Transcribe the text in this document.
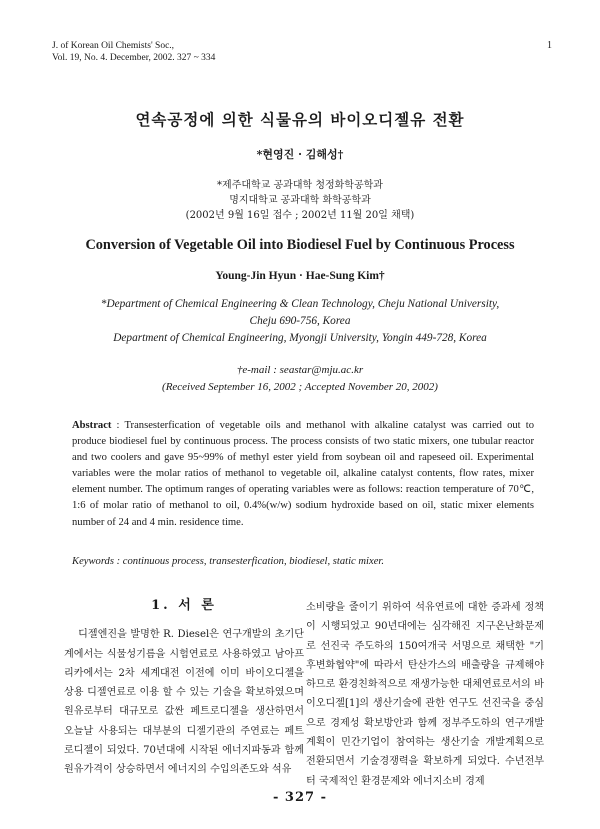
J. of Korean Oil Chemists' Soc.,
Vol. 19, No. 4. December, 2002. 327 ~ 334
1
연속공정에 의한 식물유의 바이오디젤유 전환
*현영진 · 김해성†
*제주대학교 공과대학 청정화학공학과
명지대학교 공과대학 화학공학과
(2002년 9월 16일 접수 ; 2002년 11월 20일 채택)
Conversion of Vegetable Oil into Biodiesel Fuel by Continuous Process
Young-Jin Hyun · Hae-Sung Kim†
*Department of Chemical Engineering & Clean Technology, Cheju National University,
Cheju 690-756, Korea
Department of Chemical Engineering, Myongji University, Yongin 449-728, Korea
†e-mail : seastar@mju.ac.kr
(Received September 16, 2002 ; Accepted November 20, 2002)
Abstract : Transesterfication of vegetable oils and methanol with alkaline catalyst was carried out to produce biodiesel fuel by continuous process. The process consists of two static mixers, one tubular reactor and two coolers and gave 95~99% of methyl ester yield from soybean oil and rapeseed oil. Experimental variables were the molar ratios of methanol to vegetable oil, alkaline catalyst contents, flow rates, mixer element number. The optimum ranges of operating variables were as follows: reaction temperature of 70℃, 1:6 of molar ratio of methanol to oil, 0.4%(w/w) sodium hydroxide based on oil, static mixer elements number of 24 and 4 min. residence time.
Keywords : continuous process, transesterfication, biodiesel, static mixer.
1. 서 론
디젤엔진을 발명한 R. Diesel은 연구개발의 초기단계에서는 식물성기름을 시험연료로 사용하였고 남아프리카에서는 2차 세계대전 이전에 이미 바이오디젤을 상용 디젤연료로 이용 할 수 있는 기술을 확보하였으며 원유로부터 대규모로 값싼 페트로디젤을 생산하면서 오늘날 사용되는 대부분의 디젤기관의 주연료는 페트로디젤이 되었다. 70년대에 시작된 에너지파동과 함께 원유가격이 상승하면서 에너지의 수입의존도와 석유
소비량을 줄이기 위하여 석유연료에 대한 증과세 정책이 시행되었고 90년대에는 심각해진 지구온난화문제로 선진국 주도하의 150여개국 서명으로 채택한 "기후변화협약"에 따라서 탄산가스의 배출량을 규제해야 하므로 환경친화적으로 재생가능한 대체연료로서의 바이오디젤[1]의 생산기술에 관한 연구도 선진국을 중심으로 경제성 확보방안과 함께 정부주도하의 연구개발계획이 민간기업이 참여하는 생산기술 개발계획으로 전환되면서 기술경쟁력을 확보하게 되었다. 수년전부터 국제적인 환경문제와 에너지소비 경제
- 327 -
